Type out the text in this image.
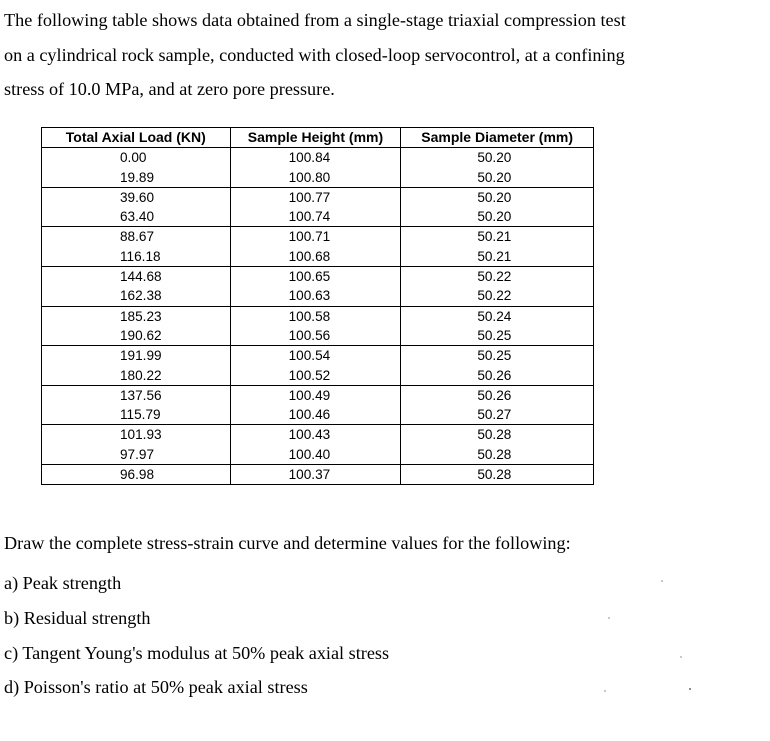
The following table shows data obtained from a single-stage triaxial compression test
on a cylindrical rock sample, conducted with closed-loop servocontrol, at a confining
stress of 10.0 MPa, and at zero pore pressure.
Total Axial Load (KN)	Sample Height (mm)	Sample Diameter (mm)
0.00	100.84	50.20
19.89	100.80	50.20
39.60	100.77	50.20
63.40	100.74	50.20
88.67	100.71	50.21
116.18	100.68	50.21
144.68	100.65	50.22
162.38	100.63	50.22
185.23	100.58	50.24
190.62	100.56	50.25
191.99	100.54	50.25
180.22	100.52	50.26
137.56	100.49	50.26
115.79	100.46	50.27
101.93	100.43	50.28
97.97	100.40	50.28
96.98	100.37	50.28
Draw the complete stress-strain curve and determine values for the following:
a) Peak strength
b) Residual strength
c) Tangent Young's modulus at 50% peak axial stress
d) Poisson's ratio at 50% peak axial stress
